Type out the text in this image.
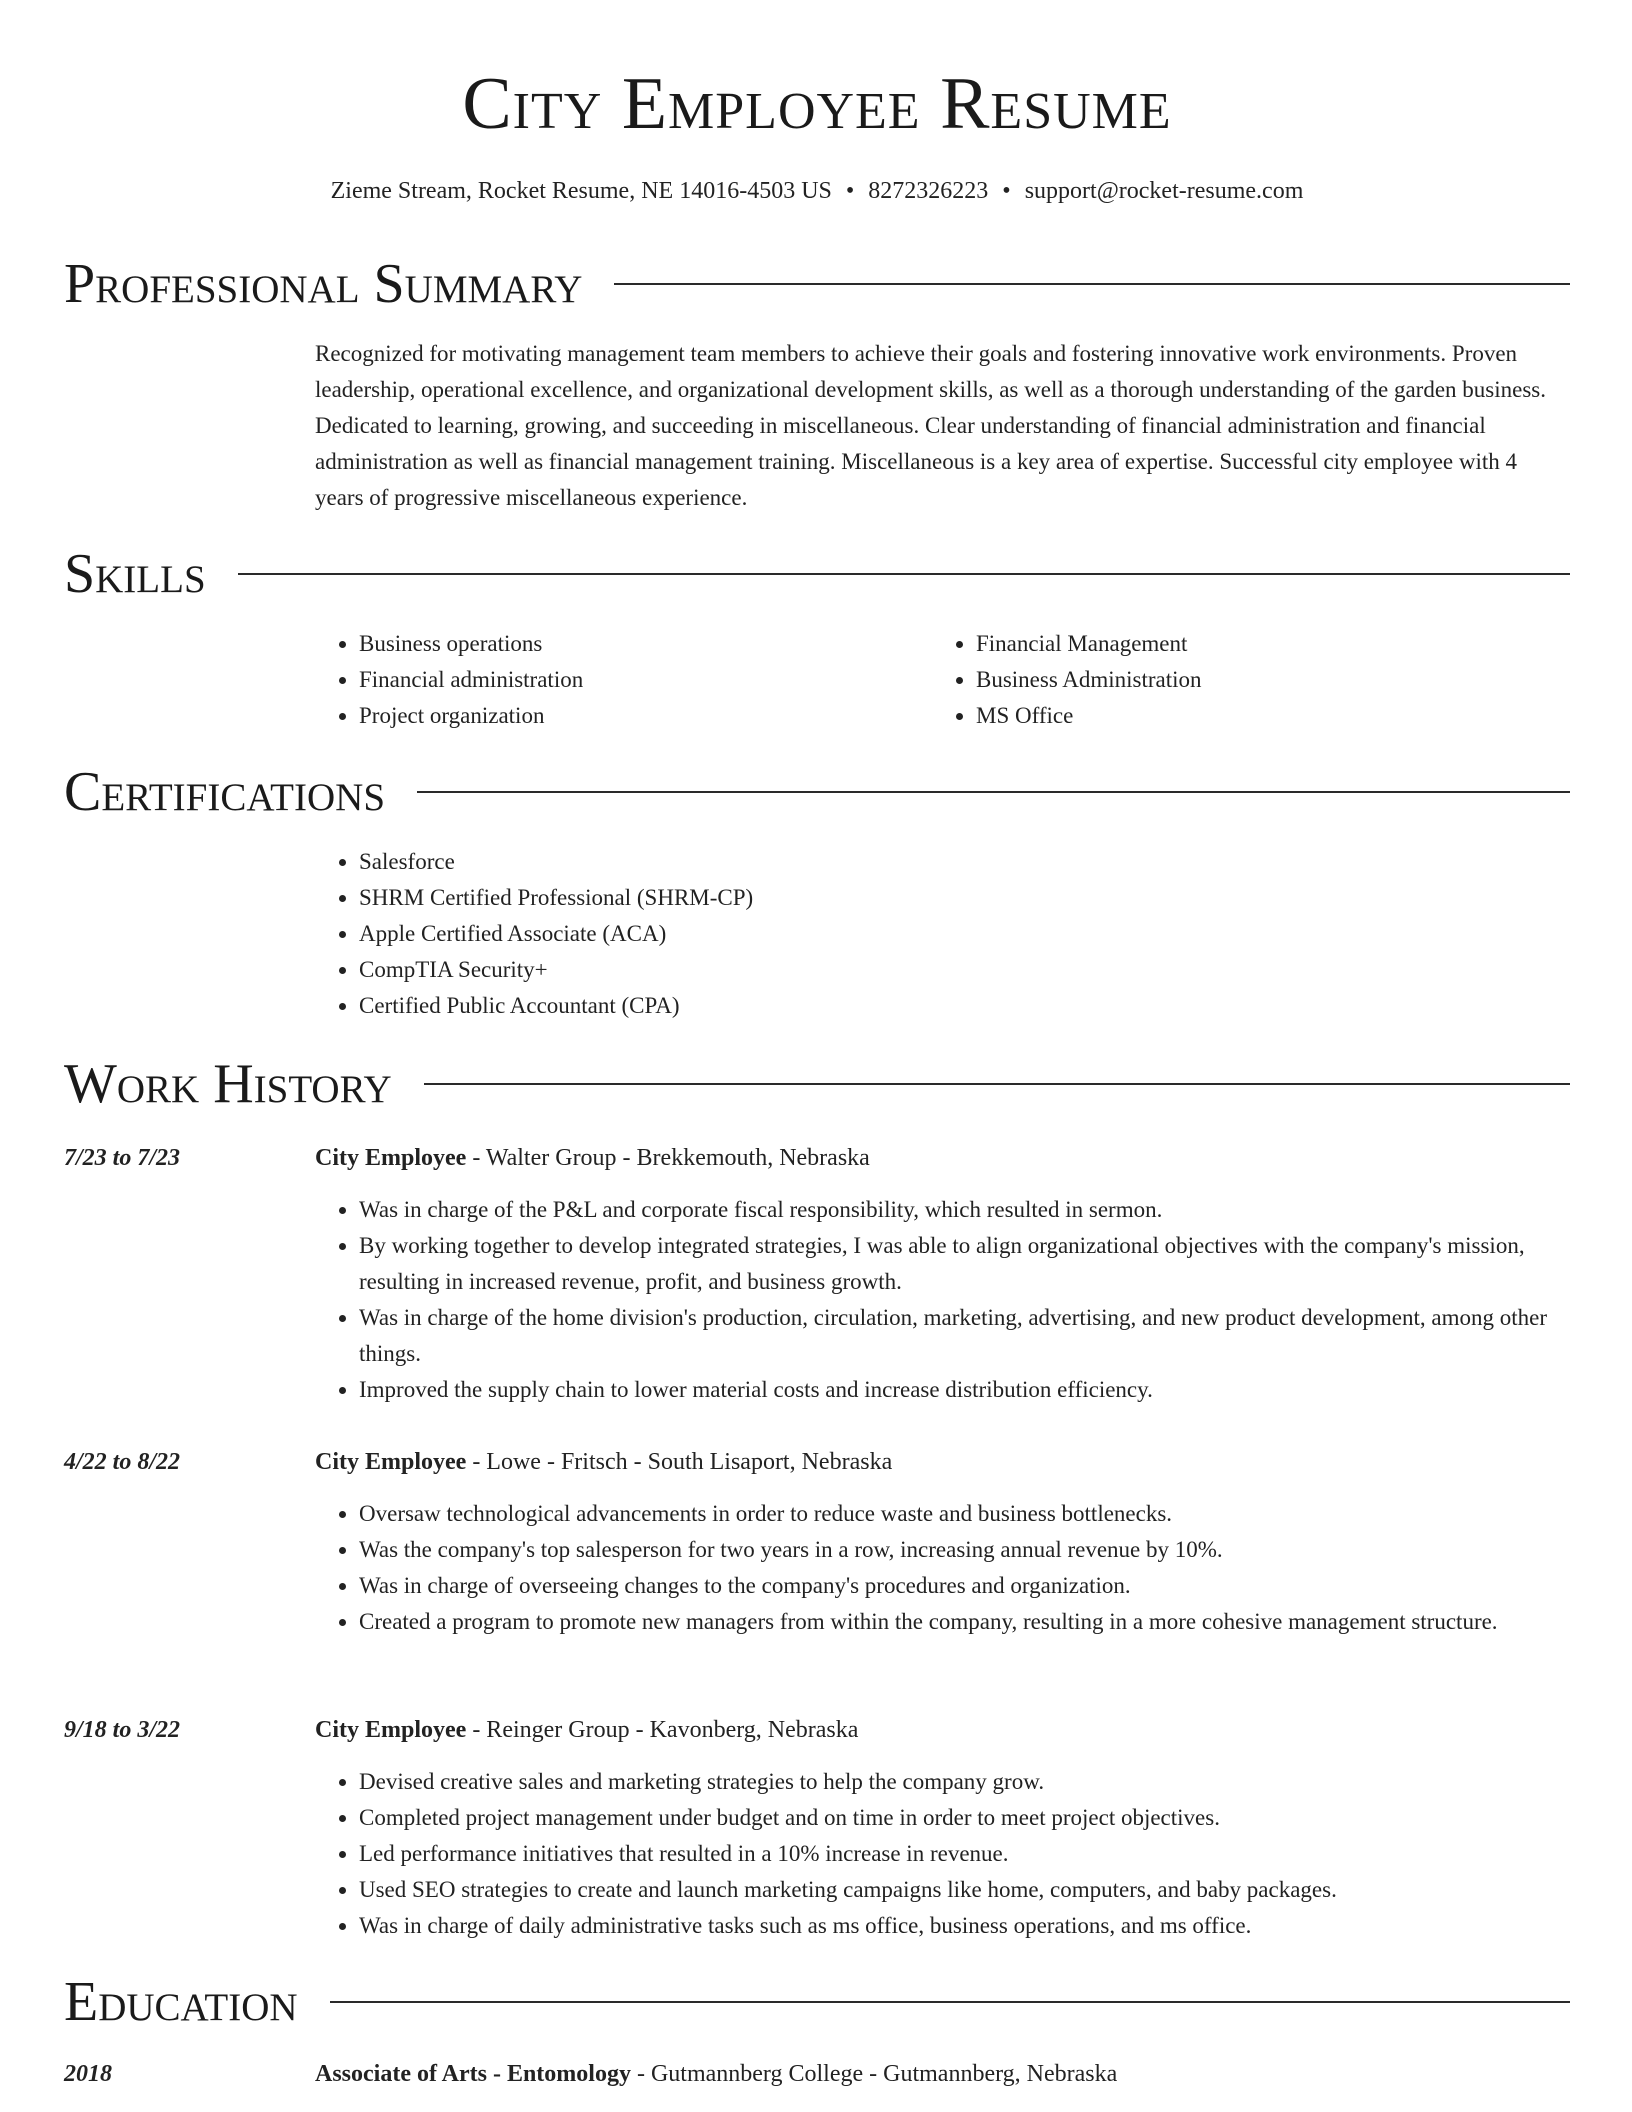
City Employee Resume
Zieme Stream, Rocket Resume, NE 14016-4503 US • 8272326223 • support@rocket-resume.com
Professional Summary
Recognized for motivating management team members to achieve their goals and fostering innovative work environments. Proven leadership, operational excellence, and organizational development skills, as well as a thorough understanding of the garden business. Dedicated to learning, growing, and succeeding in miscellaneous. Clear understanding of financial administration and financial administration as well as financial management training. Miscellaneous is a key area of expertise. Successful city employee with 4 years of progressive miscellaneous experience.
Skills
• Business operations
• Financial administration
• Project organization
• Financial Management
• Business Administration
• MS Office
Certifications
• Salesforce
• SHRM Certified Professional (SHRM-CP)
• Apple Certified Associate (ACA)
• CompTIA Security+
• Certified Public Accountant (CPA)
Work History
7/23 to 7/23	City Employee - Walter Group - Brekkemouth, Nebraska
• Was in charge of the P&L and corporate fiscal responsibility, which resulted in sermon.
• By working together to develop integrated strategies, I was able to align organizational objectives with the company's mission, resulting in increased revenue, profit, and business growth.
• Was in charge of the home division's production, circulation, marketing, advertising, and new product development, among other things.
• Improved the supply chain to lower material costs and increase distribution efficiency.
4/22 to 8/22	City Employee - Lowe - Fritsch - South Lisaport, Nebraska
• Oversaw technological advancements in order to reduce waste and business bottlenecks.
• Was the company's top salesperson for two years in a row, increasing annual revenue by 10%.
• Was in charge of overseeing changes to the company's procedures and organization.
• Created a program to promote new managers from within the company, resulting in a more cohesive management structure.
9/18 to 3/22	City Employee - Reinger Group - Kavonberg, Nebraska
• Devised creative sales and marketing strategies to help the company grow.
• Completed project management under budget and on time in order to meet project objectives.
• Led performance initiatives that resulted in a 10% increase in revenue.
• Used SEO strategies to create and launch marketing campaigns like home, computers, and baby packages.
• Was in charge of daily administrative tasks such as ms office, business operations, and ms office.
Education
2018	Associate of Arts - Entomology - Gutmannberg College - Gutmannberg, Nebraska
